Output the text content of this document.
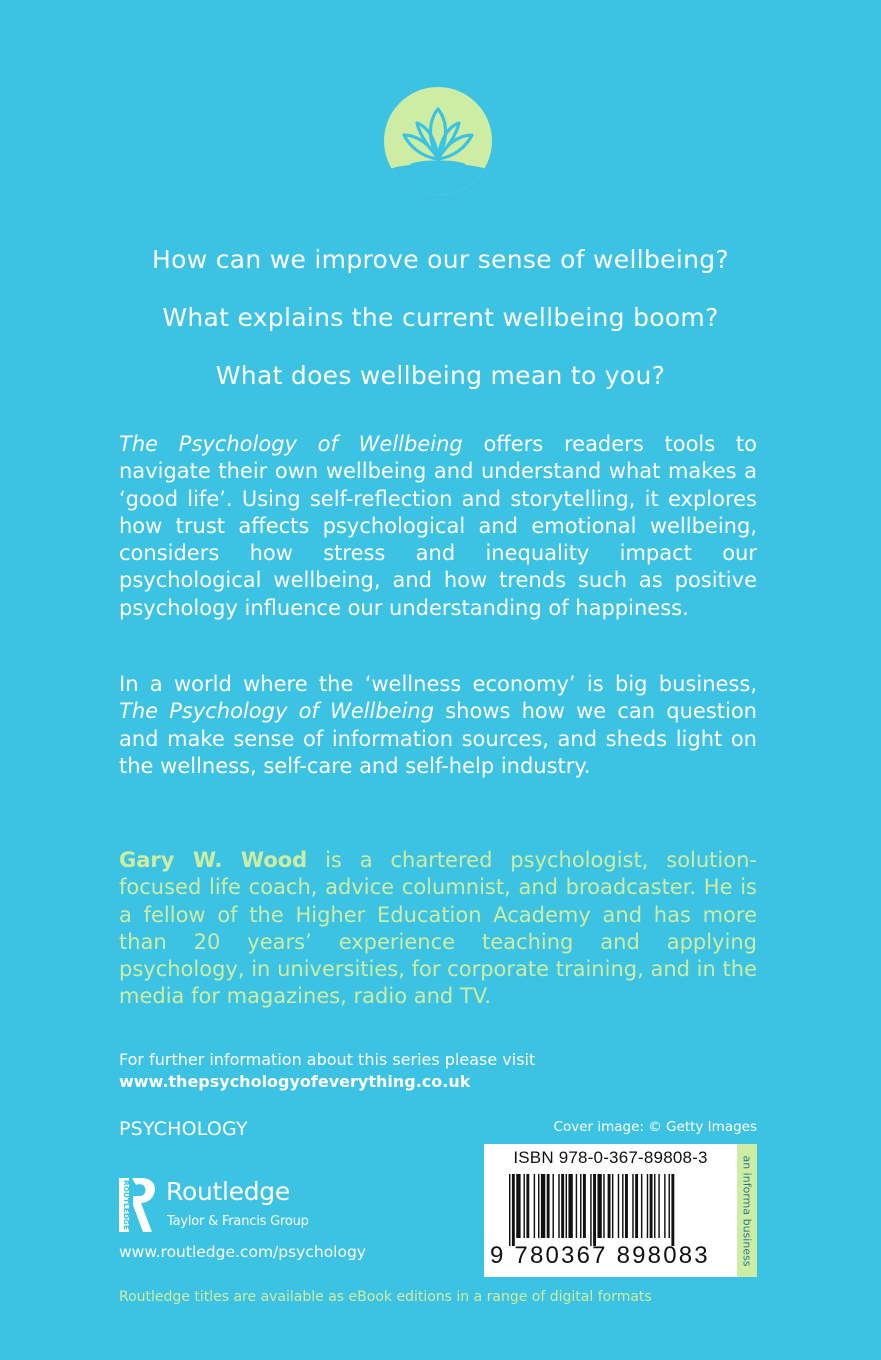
How can we improve our sense of wellbeing?

What explains the current wellbeing boom?

What does wellbeing mean to you?

The Psychology of Wellbeing offers readers tools to navigate their own wellbeing and understand what makes a ‘good life’. Using self-reflection and storytelling, it explores how trust affects psychological and emotional wellbeing, considers how stress and inequality impact our psychological wellbeing, and how trends such as positive psychology influence our understanding of happiness.

In a world where the ‘wellness economy’ is big business, The Psychology of Wellbeing shows how we can question and make sense of information sources, and sheds light on the wellness, self-care and self-help industry.

Gary W. Wood is a chartered psychologist, solution-focused life coach, advice columnist, and broadcaster. He is a fellow of the Higher Education Academy and has more than 20 years’ experience teaching and applying psychology, in universities, for corporate training, and in the media for magazines, radio and TV.

For further information about this series please visit
www.thepsychologyofeverything.co.uk
PSYCHOLOGY	Cover image: © Getty Images
ROUTLEDGE Routledge
Taylor & Francis Group
www.routledge.com/psychology
Routledge titles are available as eBook editions in a range of digital formats
ISBN 978-0-367-89808-3
9 780367 898083	an informa business
